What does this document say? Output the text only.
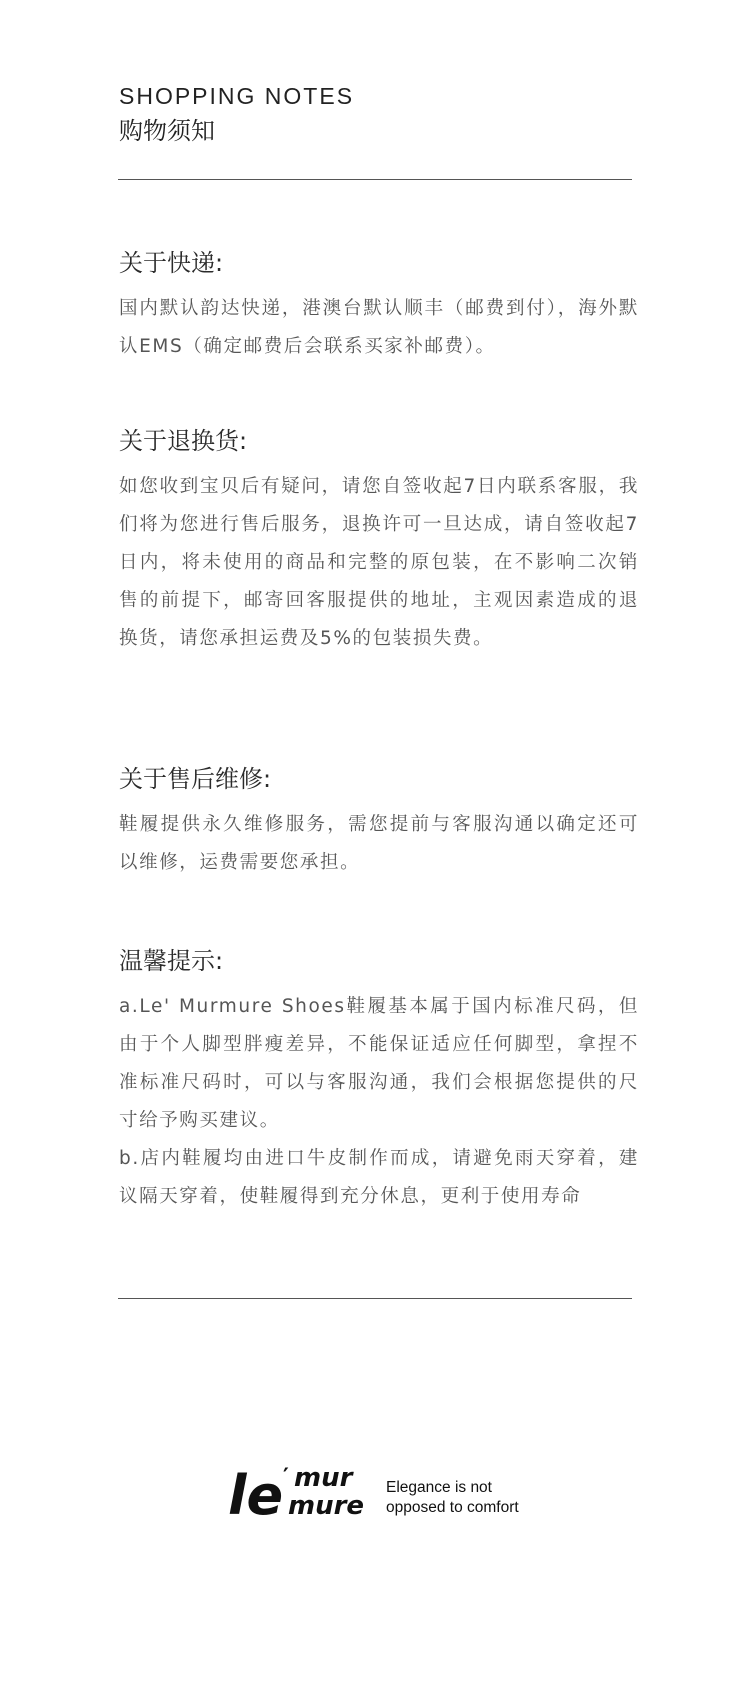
SHOPPING NOTES
购物须知
关于快递:

国内默认韵达快递，港澳台默认顺丰（邮费到付），海外默认EMS（确定邮费后会联系买家补邮费）。

关于退换货:

如您收到宝贝后有疑问，请您自签收起7日内联系客服，我们将为您进行售后服务，退换许可一旦达成，请自签收起7日内，将未使用的商品和完整的原包装，在不影响二次销售的前提下，邮寄回客服提供的地址，主观因素造成的退换货，请您承担运费及5%的包装损失费。

关于售后维修:

鞋履提供永久维修服务，需您提前与客服沟通以确定还可以维修，运费需要您承担。

温馨提示:

a.Le' Murmure Shoes鞋履基本属于国内标准尺码，但由于个人脚型胖瘦差异，不能保证适应任何脚型，拿捏不准标准尺码时，可以与客服沟通，我们会根据您提供的尺寸给予购买建议。

b.店内鞋履均由进口牛皮制作而成，请避免雨天穿着，建议隔天穿着，使鞋履得到充分休息，更利于使用寿命

le ′ mur
mure
Elegance is not
opposed to comfort
